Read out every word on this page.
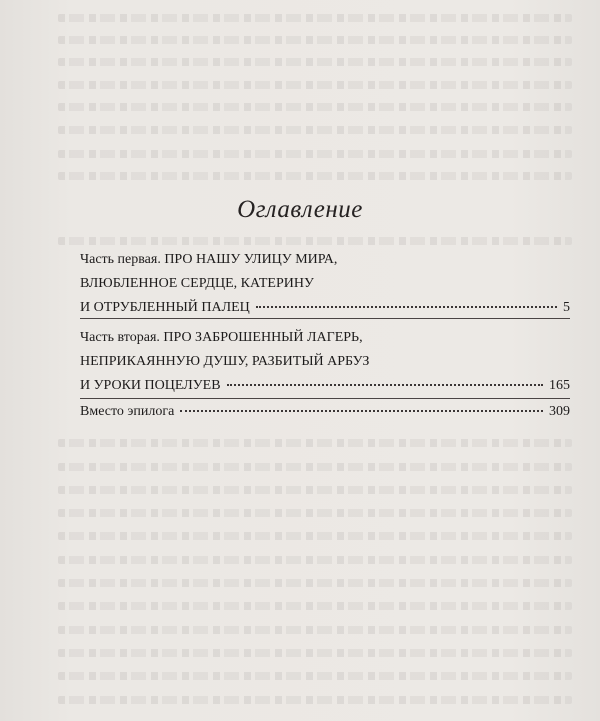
Оглавление
Часть первая. ПРО НАШУ УЛИЦУ МИРА,
ВЛЮБЛЕННОЕ СЕРДЦЕ, КАТЕРИНУ
И ОТРУБЛЕННЫЙ ПАЛЕЦ	5
Часть вторая. ПРО ЗАБРОШЕННЫЙ ЛАГЕРЬ,
НЕПРИКАЯННУЮ ДУШУ, РАЗБИТЫЙ АРБУЗ
И УРОКИ ПОЦЕЛУЕВ	165
Вместо эпилога	309
